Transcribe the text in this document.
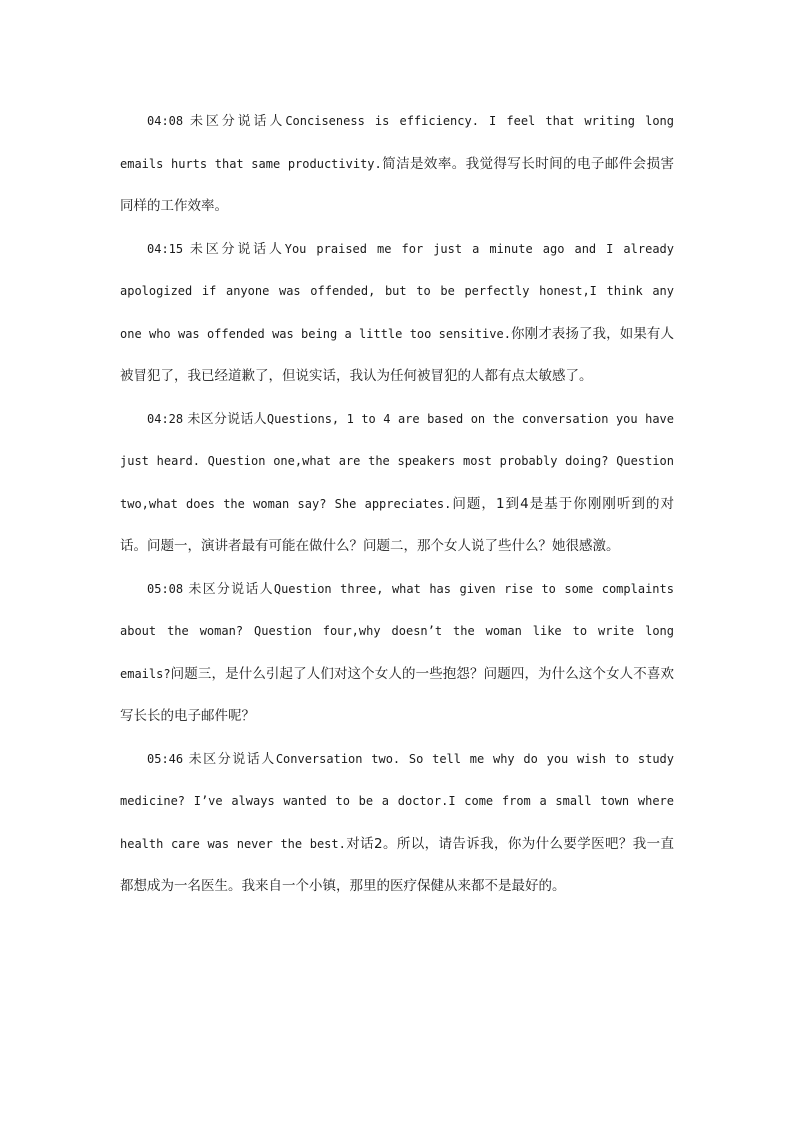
04:08 未区分说话人Conciseness is efficiency. I feel that writing long emails hurts that same productivity.简洁是效率。我觉得写长时间的电子邮件会损害同样的工作效率。

04:15 未区分说话人You praised me for just a minute ago and I already apologized if anyone was offended, but to be perfectly honest,I think any one who was offended was being a little too sensitive.你刚才表扬了我，如果有人被冒犯了，我已经道歉了，但说实话，我认为任何被冒犯的人都有点太敏感了。

04:28 未区分说话人Questions, 1 to 4 are based on the conversation you have just heard. Question one,what are the speakers most probably doing? Question two,what does the woman say? She appreciates.问题，1到4是基于你刚刚听到的对话。问题一，演讲者最有可能在做什么？问题二，那个女人说了些什么？她很感激。

05:08 未区分说话人Question three, what has given rise to some complaints about the woman? Question four,why doesn’t the woman like to write long emails?问题三，是什么引起了人们对这个女人的一些抱怨？问题四，为什么这个女人不喜欢写长长的电子邮件呢？

05:46 未区分说话人Conversation two. So tell me why do you wish to study medicine? I’ve always wanted to be a doctor.I come from a small town where health care was never the best.对话2。所以，请告诉我，你为什么要学医吧？我一直都想成为一名医生。我来自一个小镇，那里的医疗保健从来都不是最好的。
